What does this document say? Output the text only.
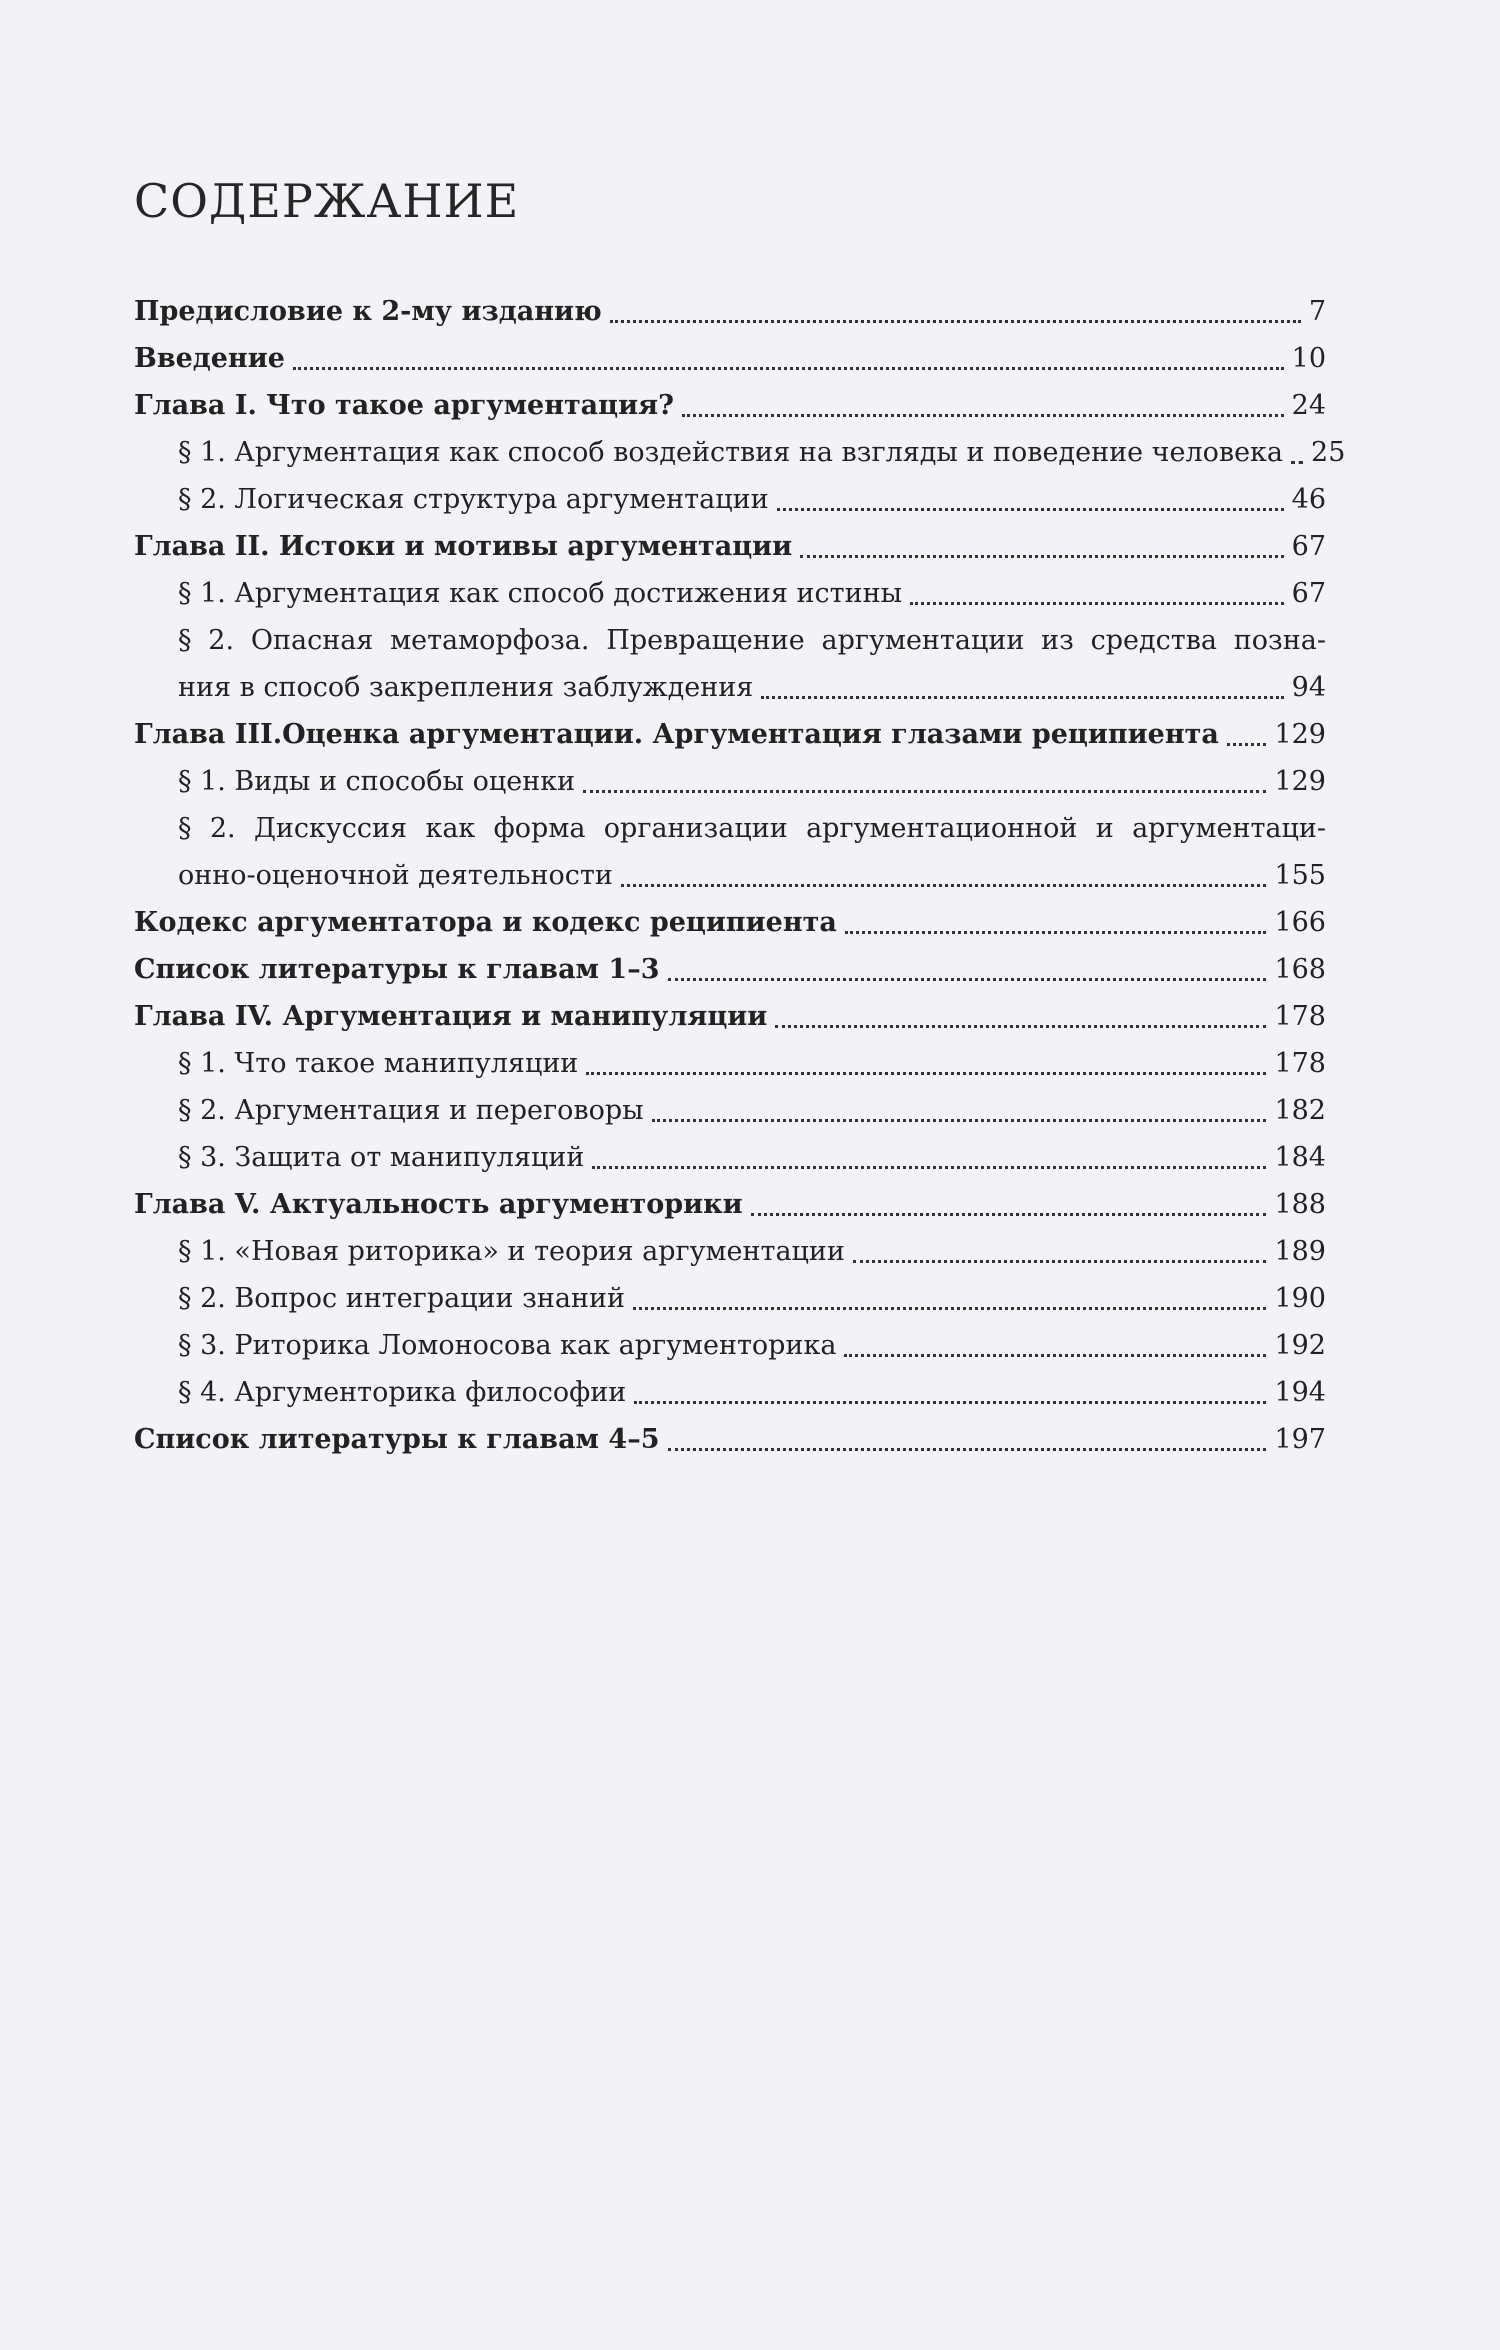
СОДЕРЖАНИЕ
Предисловие к 2-му изданию	7
Введение	10
Глава I. Что такое аргументация?	24
§ 1. Аргументация как способ воздействия на взгляды и поведение человека 25
§ 2. Логическая структура аргументации	46
Глава II. Истоки и мотивы аргументации	67
§ 1. Аргументация как способ достижения истины	67
§ 2. Опасная метаморфоза. Превращение аргументации из средства позна-
ния в способ закрепления заблуждения	94
Глава III.Оценка аргументации. Аргументация глазами реципиента 129
§ 1. Виды и способы оценки	129
§ 2. Дискуссия как форма организации аргументационной и аргументаци-
онно-оценочной деятельности	155
Кодекс аргументатора и кодекс реципиента	166
Список литературы к главам 1–3	168
Глава IV. Аргументация и манипуляции	178
§ 1. Что такое манипуляции	178
§ 2. Аргументация и переговоры	182
§ 3. Защита от манипуляций	184
Глава V. Актуальность аргументорики	188
§ 1. «Новая риторика» и теория аргументации	189
§ 2. Вопрос интеграции знаний	190
§ 3. Риторика Ломоносова как аргументорика	192
§ 4. Аргументорика философии	194
Список литературы к главам 4–5	197
